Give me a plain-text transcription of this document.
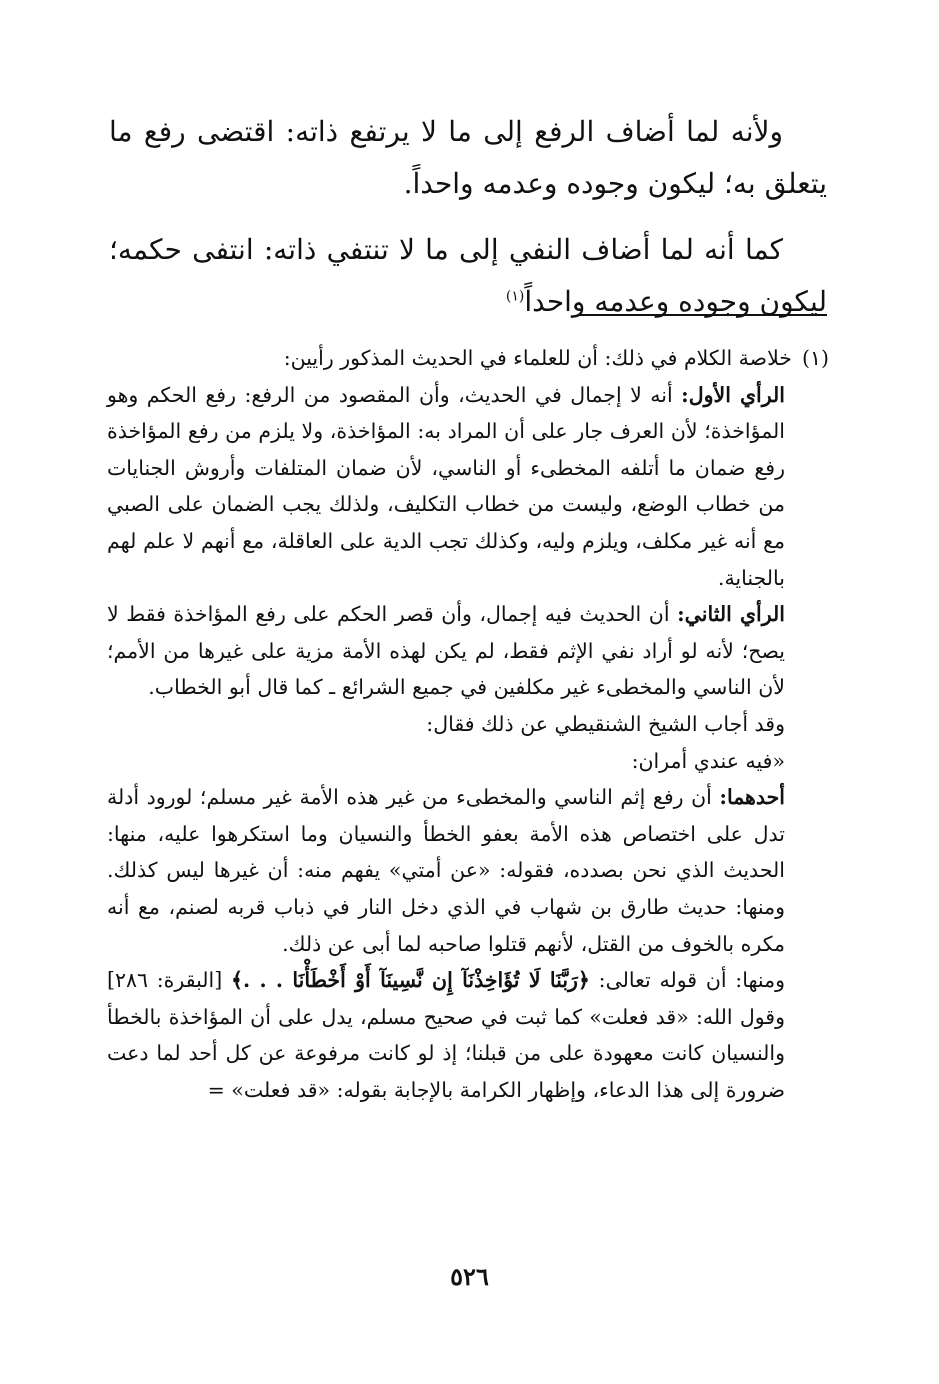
ولأنه لما أضاف الرفع إلى ما لا يرتفع ذاته: اقتضى رفع ما يتعلق به؛ ليكون وجوده وعدمه واحداً.

كما أنه لما أضاف النفي إلى ما لا تنتفي ذاته: انتفى حكمه؛ ليكون وجوده وعدمه واحداً$^{(١)}$

(١)
خلاصة الكلام في ذلك: أن للعلماء في الحديث المذكور رأيين:

الرأي الأول: أنه لا إجمال في الحديث، وأن المقصود من الرفع: رفع الحكم وهو المؤاخذة؛ لأن العرف جار على أن المراد به: المؤاخذة، ولا يلزم من رفع المؤاخذة رفع ضمان ما أتلفه المخطىء أو الناسي، لأن ضمان المتلفات وأروش الجنايات من خطاب الوضع، وليست من خطاب التكليف، ولذلك يجب الضمان على الصبي مع أنه غير مكلف، ويلزم وليه، وكذلك تجب الدية على العاقلة، مع أنهم لا علم لهم بالجناية.

الرأي الثاني: أن الحديث فيه إجمال، وأن قصر الحكم على رفع المؤاخذة فقط لا يصح؛ لأنه لو أراد نفي الإثم فقط، لم يكن لهذه الأمة مزية على غيرها من الأمم؛ لأن الناسي والمخطىء غير مكلفين في جميع الشرائع ـ كما قال أبو الخطاب.

وقد أجاب الشيخ الشنقيطي عن ذلك فقال:

«فيه عندي أمران:

أحدهما: أن رفع إثم الناسي والمخطىء من غير هذه الأمة غير مسلم؛ لورود أدلة تدل على اختصاص هذه الأمة بعفو الخطأ والنسيان وما استكرهوا عليه، منها: الحديث الذي نحن بصدده، فقوله: «عن أمتي» يفهم منه: أن غيرها ليس كذلك. ومنها: حديث طارق بن شهاب في الذي دخل النار في ذباب قربه لصنم، مع أنه مكره بالخوف من القتل، لأنهم قتلوا صاحبه لما أبى عن ذلك.

ومنها: أن قوله تعالى: ﴿رَبَّنَا لَا تُؤَاخِذْنَآ إِن نَّسِينَآ أَوْ أَخْطَأْنَا . . .﴾ [البقرة: ٢٨٦] وقول الله: «قد فعلت» كما ثبت في صحيح مسلم، يدل على أن المؤاخذة بالخطأ والنسيان كانت معهودة على من قبلنا؛ إذ لو كانت مرفوعة عن كل أحد لما دعت ضرورة إلى هذا الدعاء، وإظهار الكرامة بالإجابة بقوله: «قد فعلت» =

٥٢٦
